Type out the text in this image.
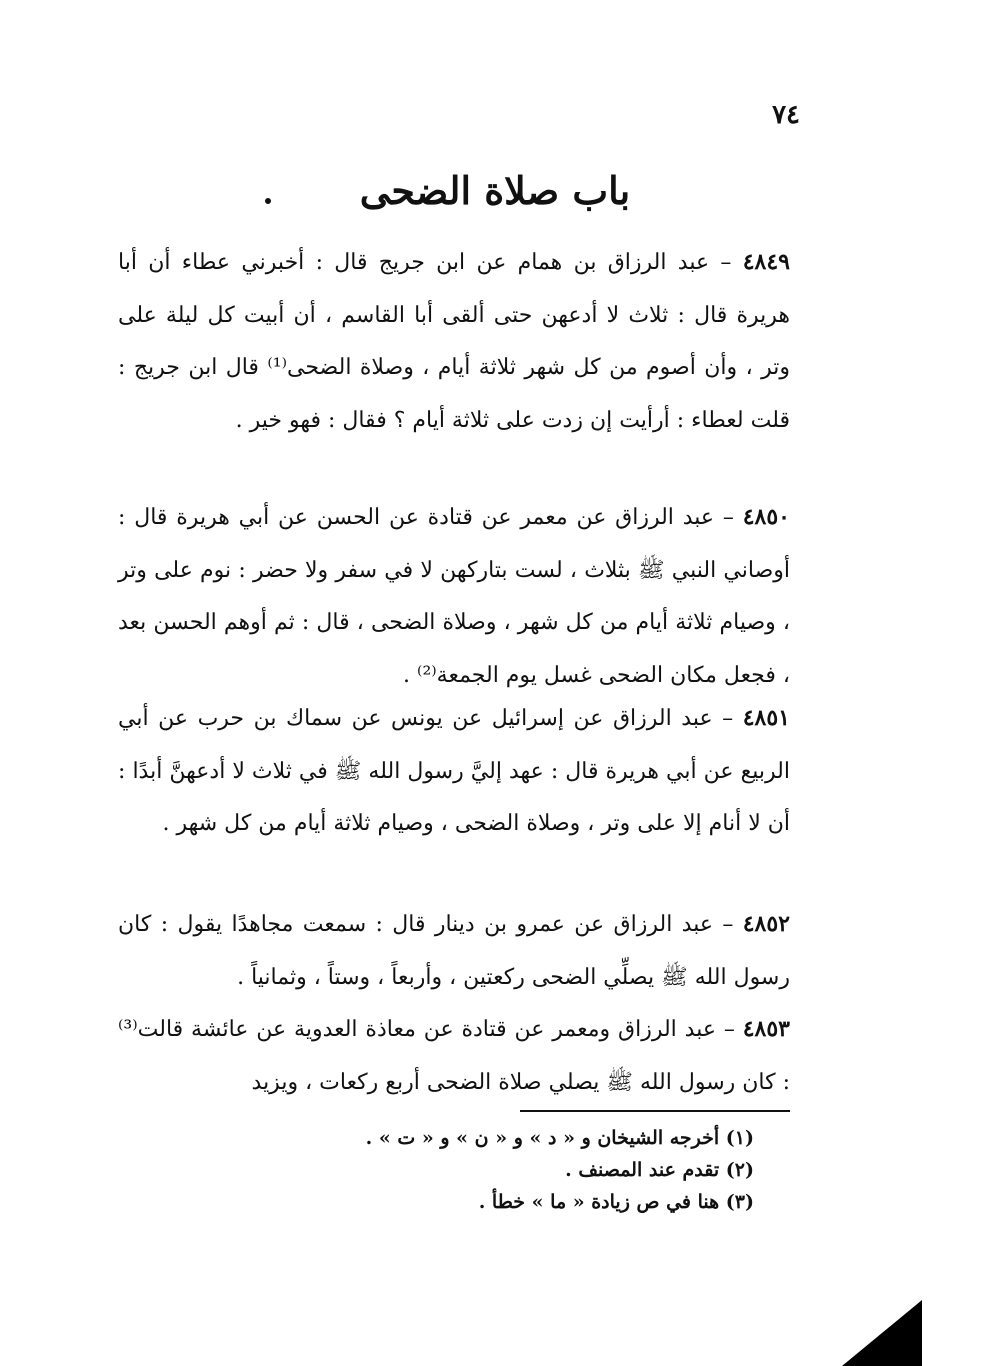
٧٤
باب صلاة الضحى

٤٨٤٩ – عبد الرزاق بن همام عن ابن جريج قال : أخبرني عطاء أن أبا هريرة قال : ثلاث لا أدعهن حتى ألقى أبا القاسم ، أن أبيت كل ليلة على وتر ، وأن أصوم من كل شهر ثلاثة أيام ، وصلاة الضحى⁽¹⁾ قال ابن جريج : قلت لعطاء : أرأيت إن زدت على ثلاثة أيام ؟ فقال : فهو خير .

٤٨٥٠ – عبد الرزاق عن معمر عن قتادة عن الحسن عن أبي هريرة قال : أوصاني النبي ﷺ بثلاث ، لست بتاركهن لا في سفر ولا حضر : نوم على وتر ، وصيام ثلاثة أيام من كل شهر ، وصلاة الضحى ، قال : ثم أوهم الحسن بعد ، فجعل مكان الضحى غسل يوم الجمعة⁽²⁾ .

٤٨٥١ – عبد الرزاق عن إسرائيل عن يونس عن سماك بن حرب عن أبي الربيع عن أبي هريرة قال : عهد إليَّ رسول الله ﷺ في ثلاث لا أدعهنَّ أبدًا : أن لا أنام إلا على وتر ، وصلاة الضحى ، وصيام ثلاثة أيام من كل شهر .

٤٨٥٢ – عبد الرزاق عن عمرو بن دينار قال : سمعت مجاهدًا يقول : كان رسول الله ﷺ يصلِّي الضحى ركعتين ، وأربعاً ، وستاً ، وثمانياً .

٤٨٥٣ – عبد الرزاق ومعمر عن قتادة عن معاذة العدوية عن عائشة قالت⁽³⁾ : كان رسول الله ﷺ يصلي صلاة الضحى أربع ركعات ، ويزيد

(١) أخرجه الشيخان و « د » و « ن » و « ت » .
(٢) تقدم عند المصنف .
(٣) هنا في ص زيادة « ما » خطأ .
